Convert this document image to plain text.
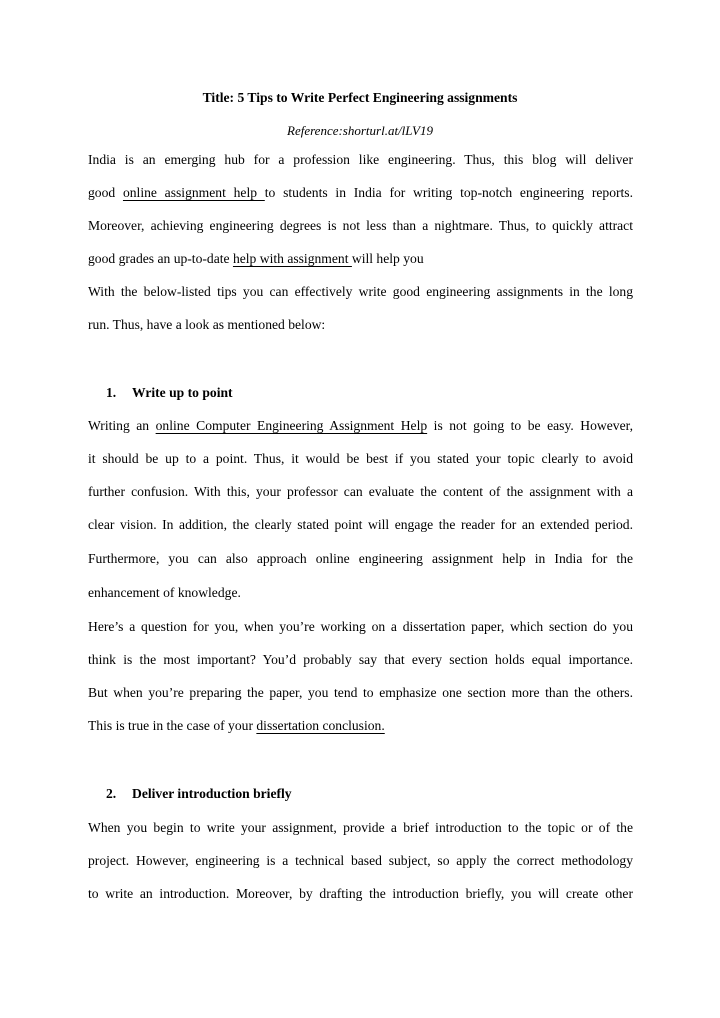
Title: 5 Tips to Write Perfect Engineering assignments
Reference:shorturl.at/lLV19
India is an emerging hub for a profession like engineering. Thus, this blog will deliver
good online assignment help to students in India for writing top-notch engineering reports.
Moreover, achieving engineering degrees is not less than a nightmare. Thus, to quickly attract
good grades an up-to-date help with assignment will help you
With the below-listed tips you can effectively write good engineering assignments in the long
run. Thus, have a look as mentioned below:
1. Write up to point
Writing an online Computer Engineering Assignment Help is not going to be easy. However,
it should be up to a point. Thus, it would be best if you stated your topic clearly to avoid
further confusion. With this, your professor can evaluate the content of the assignment with a
clear vision. In addition, the clearly stated point will engage the reader for an extended period.
Furthermore, you can also approach online engineering assignment help in India for the
enhancement of knowledge.
Here’s a question for you, when you’re working on a dissertation paper, which section do you
think is the most important? You’d probably say that every section holds equal importance.
But when you’re preparing the paper, you tend to emphasize one section more than the others.
This is true in the case of your dissertation conclusion.
2. Deliver introduction briefly
When you begin to write your assignment, provide a brief introduction to the topic or of the
project. However, engineering is a technical based subject, so apply the correct methodology
to write an introduction. Moreover, by drafting the introduction briefly, you will create other
